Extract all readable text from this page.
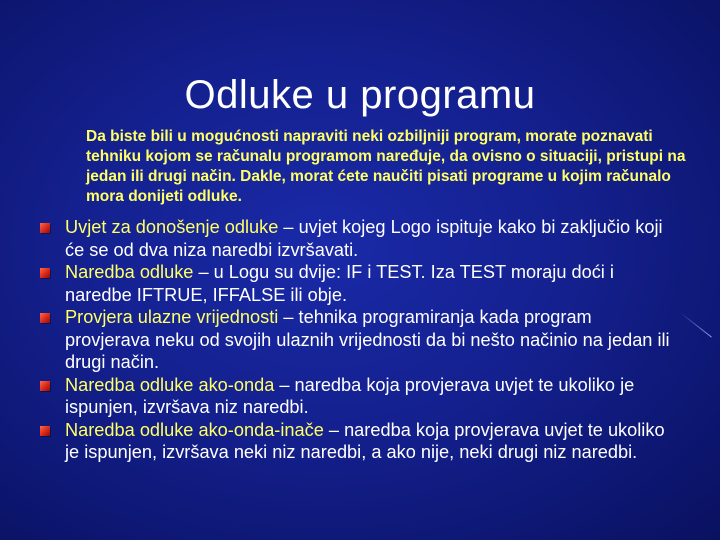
Odluke u programu

Da biste bili u mogućnosti napraviti neki ozbiljniji program, morate poznavati tehniku kojom se računalu programom naređuje, da ovisno o situaciji, pristupi na jedan ili drugi način. Dakle, morat ćete naučiti pisati programe u kojim računalo mora donijeti odluke.

Uvjet za donošenje odluke – uvjet kojeg Logo ispituje kako bi zaključio koji će se od dva niza naredbi izvršavati.
Naredba odluke – u Logu su dvije: IF i TEST. Iza TEST moraju doći i naredbe IFTRUE, IFFALSE ili obje.
Provjera ulazne vrijednosti – tehnika programiranja kada program provjerava neku od svojih ulaznih vrijednosti da bi nešto načinio na jedan ili drugi način.
Naredba odluke ako-onda – naredba koja provjerava uvjet te ukoliko je ispunjen, izvršava niz naredbi.
Naredba odluke ako-onda-inače – naredba koja provjerava uvjet te ukoliko je ispunjen, izvršava neki niz naredbi, a ako nije, neki drugi niz naredbi.
